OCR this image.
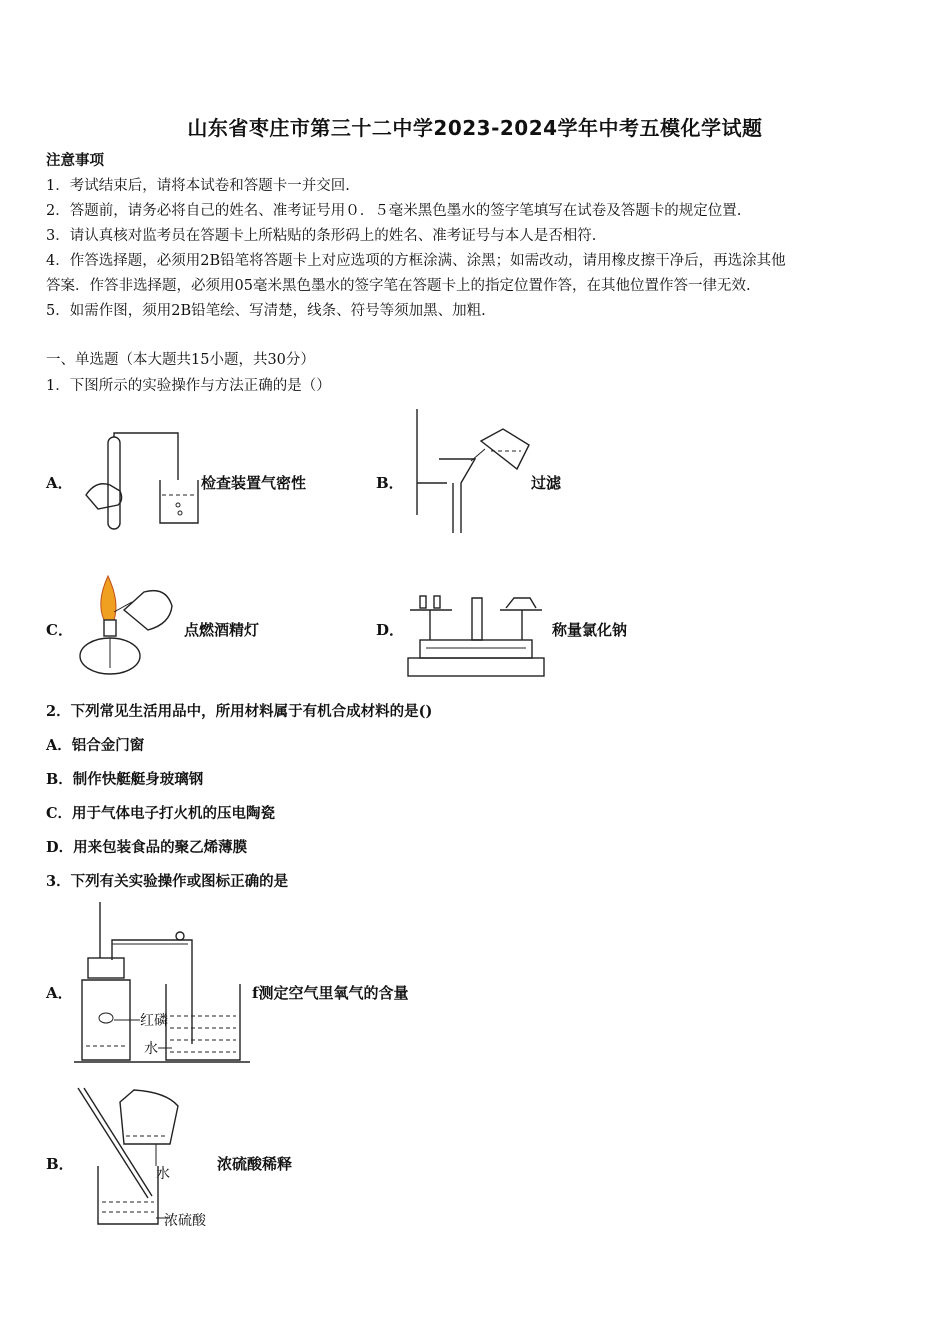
山东省枣庄市第三十二中学2023-2024学年中考五模化学试题
注意事项
1．考试结束后，请将本试卷和答题卡一并交回.
2．答题前，请务必将自己的姓名、准考证号用０．５毫米黑色墨水的签字笔填写在试卷及答题卡的规定位置.
3．请认真核对监考员在答题卡上所粘贴的条形码上的姓名、准考证号与本人是否相符.
4．作答选择题，必须用2B铅笔将答题卡上对应选项的方框涂满、涂黑；如需改动，请用橡皮擦干净后，再选涂其他
答案．作答非选择题，必须用05毫米黑色墨水的签字笔在答题卡上的指定位置作答，在其他位置作答一律无效.
5．如需作图，须用2B铅笔绘、写清楚，线条、符号等须加黑、加粗.
一、单选题（本大题共15小题，共30分）
1．下图所示的实验操作与方法正确的是（）
A．	检查装置气密性	B．	过滤
C．	点燃酒精灯	D．	称量氯化钠
2．下列常见生活用品中，所用材料属于有机合成材料的是()
A．铝合金门窗
B．制作快艇艇身玻璃钢
C．用于气体电子打火机的压电陶瓷
D．用来包装食品的聚乙烯薄膜
3．下列有关实验操作或图标正确的是
A．
红磷
水
f测定空气里氧气的含量
B．
水
浓硫酸
浓硫酸稀释
